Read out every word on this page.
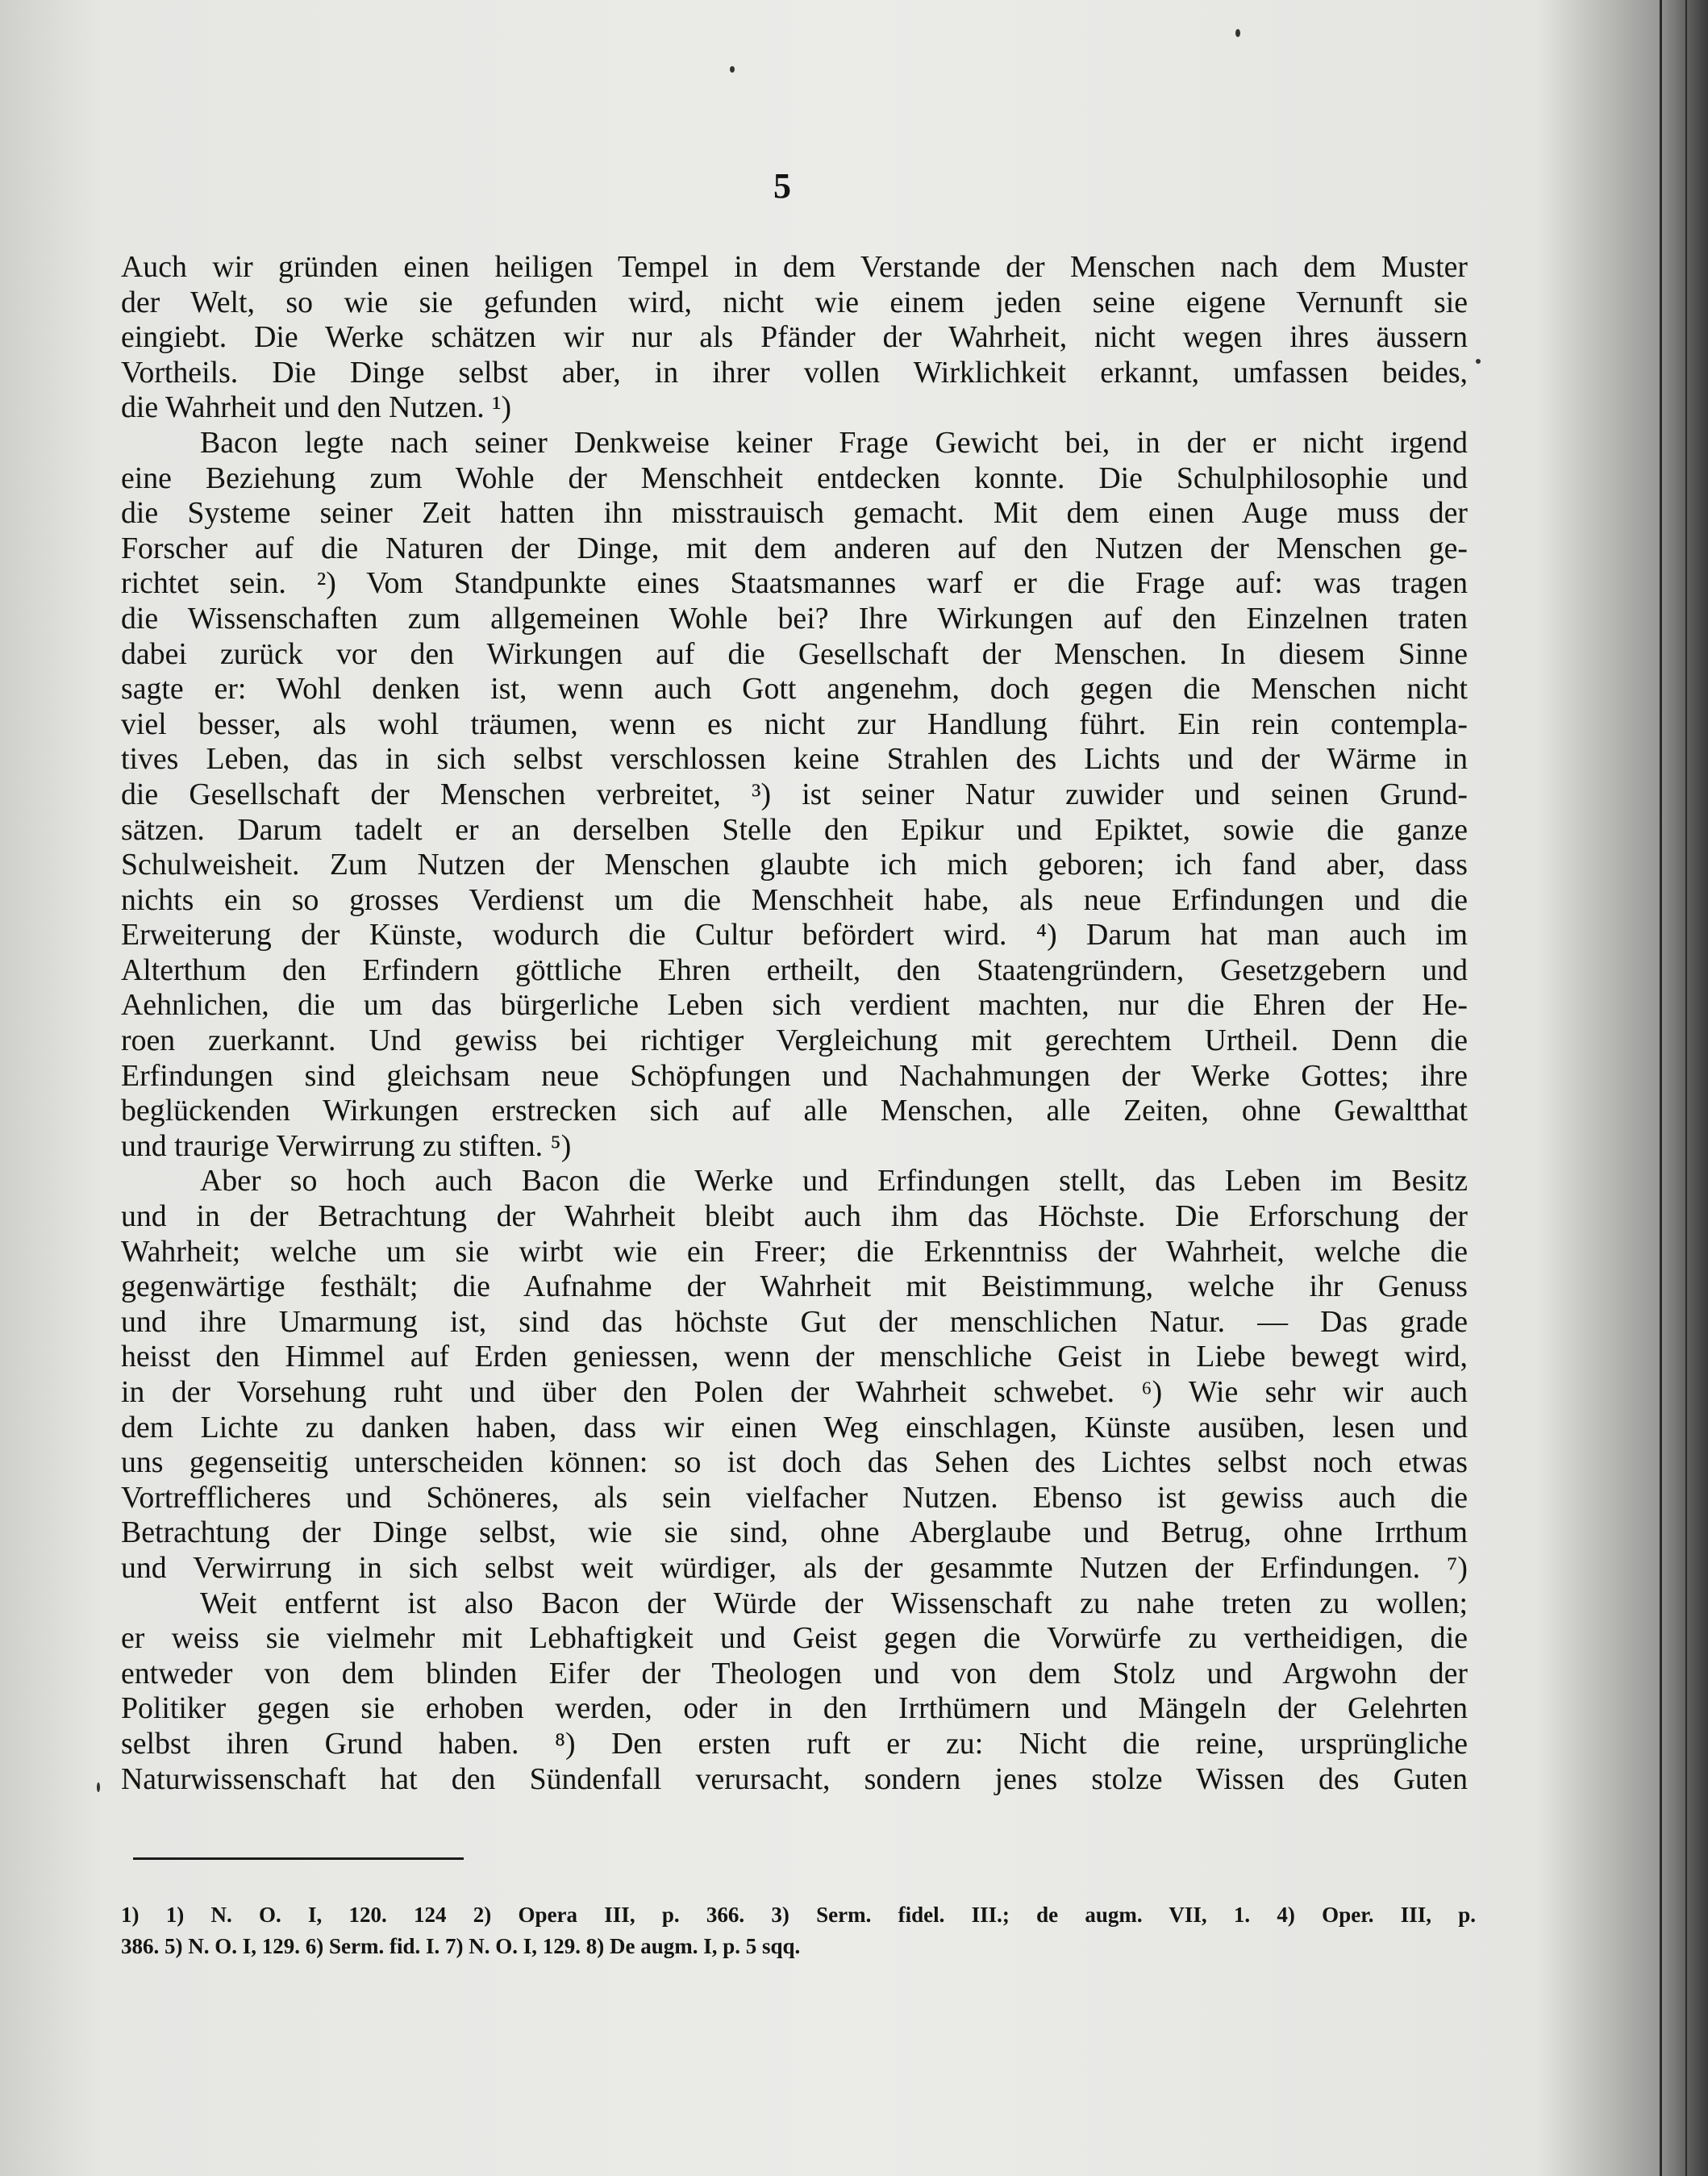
5
Auch wir gründen einen heiligen Tempel in dem Verstande der Menschen nach dem Muster
der Welt, so wie sie gefunden wird, nicht wie einem jeden seine eigene Vernunft sie
eingiebt. Die Werke schätzen wir nur als Pfänder der Wahrheit, nicht wegen ihres äussern
Vortheils. Die Dinge selbst aber, in ihrer vollen Wirklichkeit erkannt, umfassen beides,
die Wahrheit und den Nutzen. ¹)
Bacon legte nach seiner Denkweise keiner Frage Gewicht bei, in der er nicht irgend
eine Beziehung zum Wohle der Menschheit entdecken konnte. Die Schulphilosophie und
die Systeme seiner Zeit hatten ihn misstrauisch gemacht. Mit dem einen Auge muss der
Forscher auf die Naturen der Dinge, mit dem anderen auf den Nutzen der Menschen ge-
richtet sein. ²) Vom Standpunkte eines Staatsmannes warf er die Frage auf: was tragen
die Wissenschaften zum allgemeinen Wohle bei? Ihre Wirkungen auf den Einzelnen traten
dabei zurück vor den Wirkungen auf die Gesellschaft der Menschen. In diesem Sinne
sagte er: Wohl denken ist, wenn auch Gott angenehm, doch gegen die Menschen nicht
viel besser, als wohl träumen, wenn es nicht zur Handlung führt. Ein rein contempla-
tives Leben, das in sich selbst verschlossen keine Strahlen des Lichts und der Wärme in
die Gesellschaft der Menschen verbreitet, ³) ist seiner Natur zuwider und seinen Grund-
sätzen. Darum tadelt er an derselben Stelle den Epikur und Epiktet, sowie die ganze
Schulweisheit. Zum Nutzen der Menschen glaubte ich mich geboren; ich fand aber, dass
nichts ein so grosses Verdienst um die Menschheit habe, als neue Erfindungen und die
Erweiterung der Künste, wodurch die Cultur befördert wird. ⁴) Darum hat man auch im
Alterthum den Erfindern göttliche Ehren ertheilt, den Staatengründern, Gesetzgebern und
Aehnlichen, die um das bürgerliche Leben sich verdient machten, nur die Ehren der He-
roen zuerkannt. Und gewiss bei richtiger Vergleichung mit gerechtem Urtheil. Denn die
Erfindungen sind gleichsam neue Schöpfungen und Nachahmungen der Werke Gottes; ihre
beglückenden Wirkungen erstrecken sich auf alle Menschen, alle Zeiten, ohne Gewaltthat
und traurige Verwirrung zu stiften. ⁵)
Aber so hoch auch Bacon die Werke und Erfindungen stellt, das Leben im Besitz
und in der Betrachtung der Wahrheit bleibt auch ihm das Höchste. Die Erforschung der
Wahrheit; welche um sie wirbt wie ein Freer; die Erkenntniss der Wahrheit, welche die
gegenwärtige festhält; die Aufnahme der Wahrheit mit Beistimmung, welche ihr Genuss
und ihre Umarmung ist, sind das höchste Gut der menschlichen Natur. — Das grade
heisst den Himmel auf Erden geniessen, wenn der menschliche Geist in Liebe bewegt wird,
in der Vorsehung ruht und über den Polen der Wahrheit schwebet. ⁶) Wie sehr wir auch
dem Lichte zu danken haben, dass wir einen Weg einschlagen, Künste ausüben, lesen und
uns gegenseitig unterscheiden können: so ist doch das Sehen des Lichtes selbst noch etwas
Vortrefflicheres und Schöneres, als sein vielfacher Nutzen. Ebenso ist gewiss auch die
Betrachtung der Dinge selbst, wie sie sind, ohne Aberglaube und Betrug, ohne Irrthum
und Verwirrung in sich selbst weit würdiger, als der gesammte Nutzen der Erfindungen. ⁷)
Weit entfernt ist also Bacon der Würde der Wissenschaft zu nahe treten zu wollen;
er weiss sie vielmehr mit Lebhaftigkeit und Geist gegen die Vorwürfe zu vertheidigen, die
entweder von dem blinden Eifer der Theologen und von dem Stolz und Argwohn der
Politiker gegen sie erhoben werden, oder in den Irrthümern und Mängeln der Gelehrten
selbst ihren Grund haben. ⁸) Den ersten ruft er zu: Nicht die reine, ursprüngliche
Naturwissenschaft hat den Sündenfall verursacht, sondern jenes stolze Wissen des Guten
1) 1) N. O. I, 120. 124 2) Opera III, p. 366. 3) Serm. fidel. III.; de augm. VII, 1. 4) Oper. III, p.
386. 5) N. O. I, 129. 6) Serm. fid. I. 7) N. O. I, 129. 8) De augm. I, p. 5 sqq.
